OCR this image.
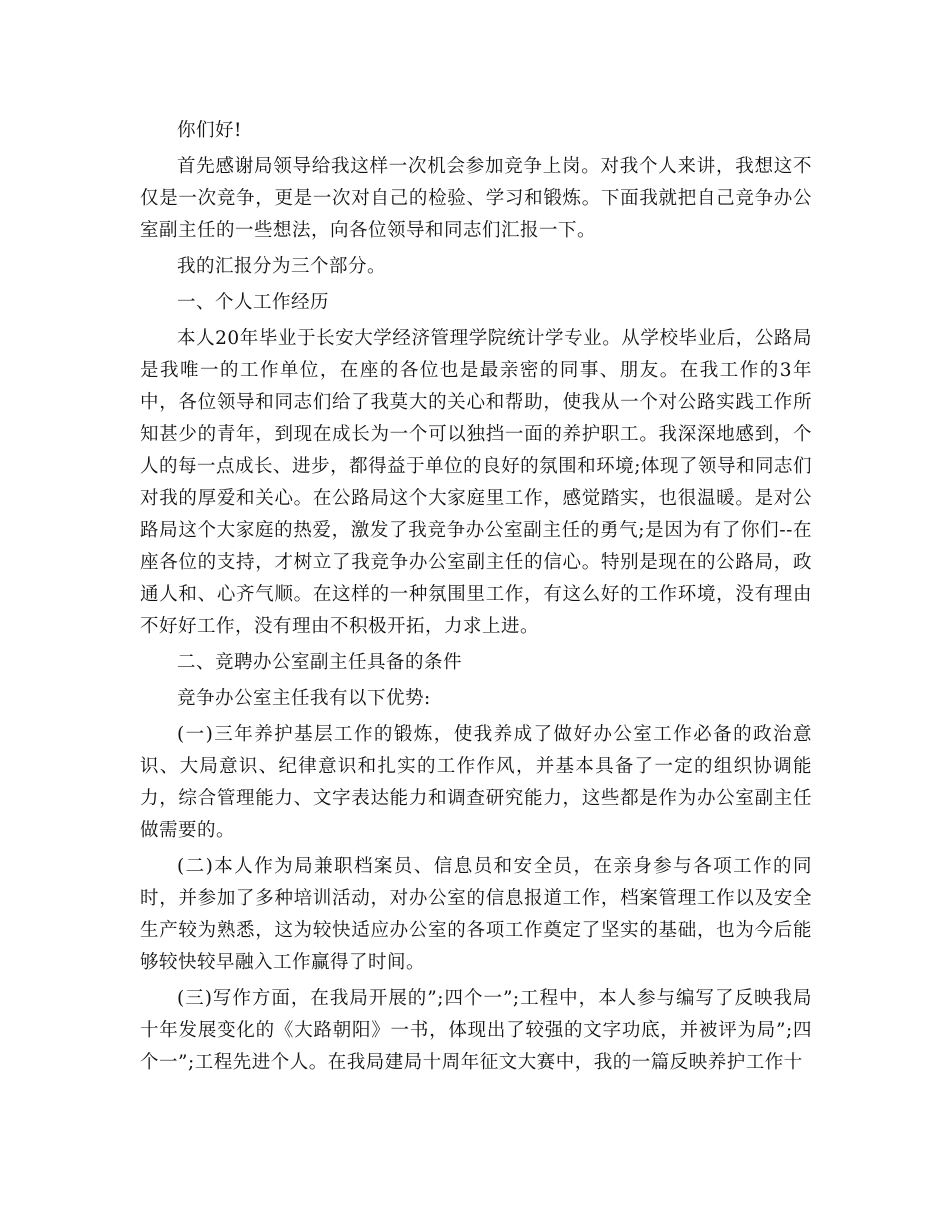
你们好!

首先感谢局领导给我这样一次机会参加竞争上岗。对我个人来讲，我想这不仅是一次竞争，更是一次对自己的检验、学习和锻炼。下面我就把自己竞争办公室副主任的一些想法，向各位领导和同志们汇报一下。

我的汇报分为三个部分。

一、个人工作经历

本人20年毕业于长安大学经济管理学院统计学专业。从学校毕业后，公路局是我唯一的工作单位，在座的各位也是最亲密的同事、朋友。在我工作的3年中，各位领导和同志们给了我莫大的关心和帮助，使我从一个对公路实践工作所知甚少的青年，到现在成长为一个可以独挡一面的养护职工。我深深地感到，个人的每一点成长、进步，都得益于单位的良好的氛围和环境;体现了领导和同志们对我的厚爱和关心。在公路局这个大家庭里工作，感觉踏实，也很温暖。是对公路局这个大家庭的热爱，激发了我竞争办公室副主任的勇气;是因为有了你们--在座各位的支持，才树立了我竞争办公室副主任的信心。特别是现在的公路局，政通人和、心齐气顺。在这样的一种氛围里工作，有这么好的工作环境，没有理由不好好工作，没有理由不积极开拓，力求上进。

二、竞聘办公室副主任具备的条件

竞争办公室主任我有以下优势:

(一)三年养护基层工作的锻炼，使我养成了做好办公室工作必备的政治意识、大局意识、纪律意识和扎实的工作作风，并基本具备了一定的组织协调能力，综合管理能力、文字表达能力和调查研究能力，这些都是作为办公室副主任做需要的。

(二)本人作为局兼职档案员、信息员和安全员，在亲身参与各项工作的同时，并参加了多种培训活动，对办公室的信息报道工作，档案管理工作以及安全生产较为熟悉，这为较快适应办公室的各项工作奠定了坚实的基础，也为今后能够较快较早融入工作赢得了时间。

(三)写作方面，在我局开展的”;四个一”;工程中，本人参与编写了反映我局十年发展变化的《大路朝阳》一书，体现出了较强的文字功底，并被评为局”;四个一”;工程先进个人。在我局建局十周年征文大赛中，我的一篇反映养护工作十
